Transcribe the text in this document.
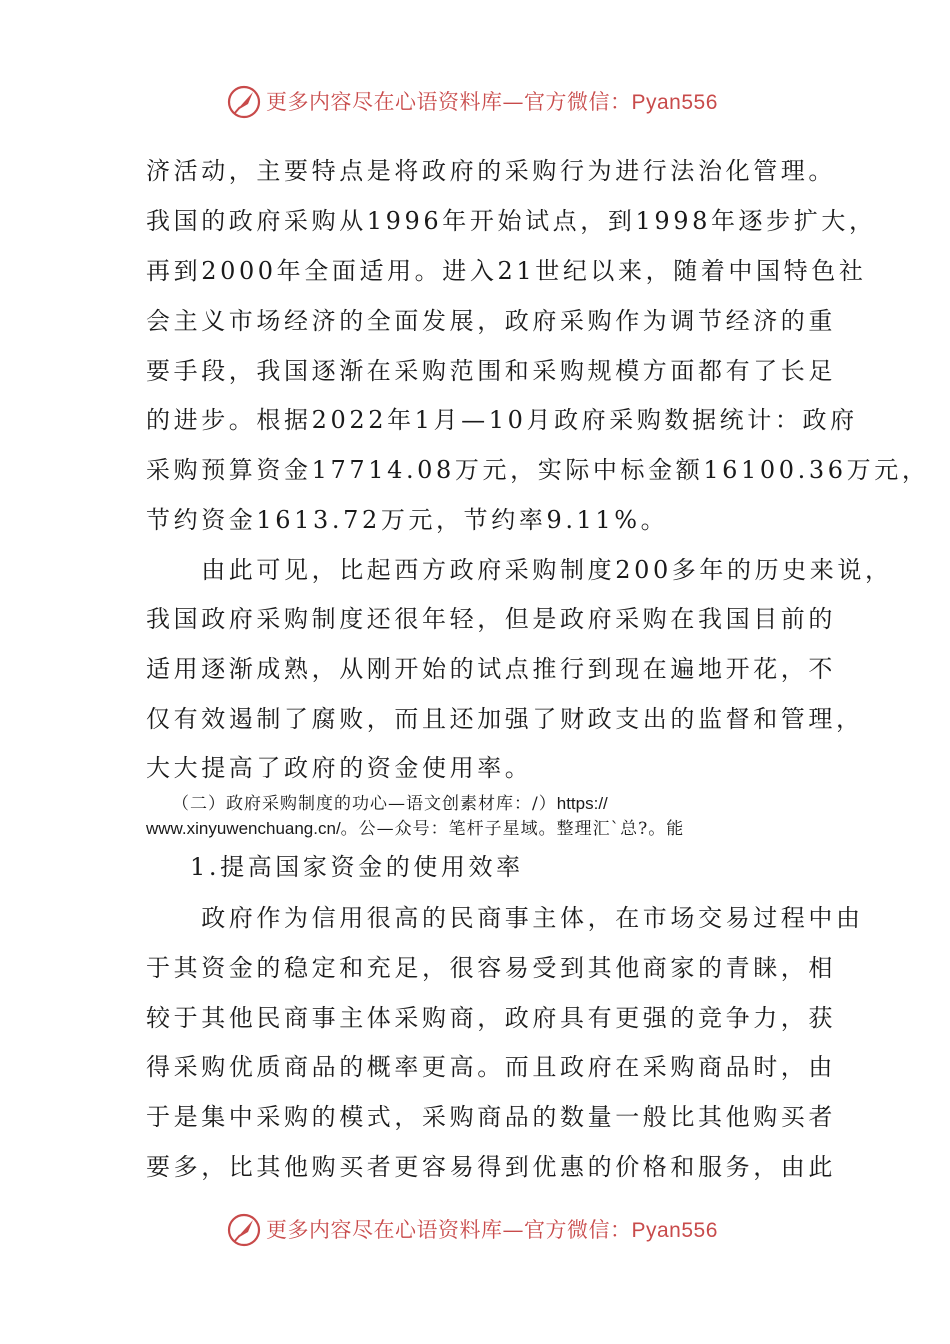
更多内容尽在心语资料库—官方微信：Pyan556
济活动，主要特点是将政府的采购行为进行法治化管理。
我国的政府采购从1996年开始试点，到1998年逐步扩大，
再到2000年全面适用。进入21世纪以来，随着中国特色社
会主义市场经济的全面发展，政府采购作为调节经济的重
要手段，我国逐渐在采购范围和采购规模方面都有了长足
的进步。根据2022年1月—10月政府采购数据统计：政府
采购预算资金17714.08万元，实际中标金额16100.36万元，
节约资金1613.72万元，节约率9.11%。
　　由此可见，比起西方政府采购制度200多年的历史来说，
我国政府采购制度还很年轻，但是政府采购在我国目前的
适用逐渐成熟，从刚开始的试点推行到现在遍地开花，不
仅有效遏制了腐败，而且还加强了财政支出的监督和管理，
大大提高了政府的资金使用率。
（二）政府采购制度的功心—语文创素材库：/）https://
www.xinyuwenchuang.cn/。公—众号：笔杆子星域。整理汇`总?。能
1.提高国家资金的使用效率
　　政府作为信用很高的民商事主体，在市场交易过程中由
于其资金的稳定和充足，很容易受到其他商家的青睐，相
较于其他民商事主体采购商，政府具有更强的竞争力，获
得采购优质商品的概率更高。而且政府在采购商品时，由
于是集中采购的模式，采购商品的数量一般比其他购买者
要多，比其他购买者更容易得到优惠的价格和服务，由此
更多内容尽在心语资料库—官方微信：Pyan556
